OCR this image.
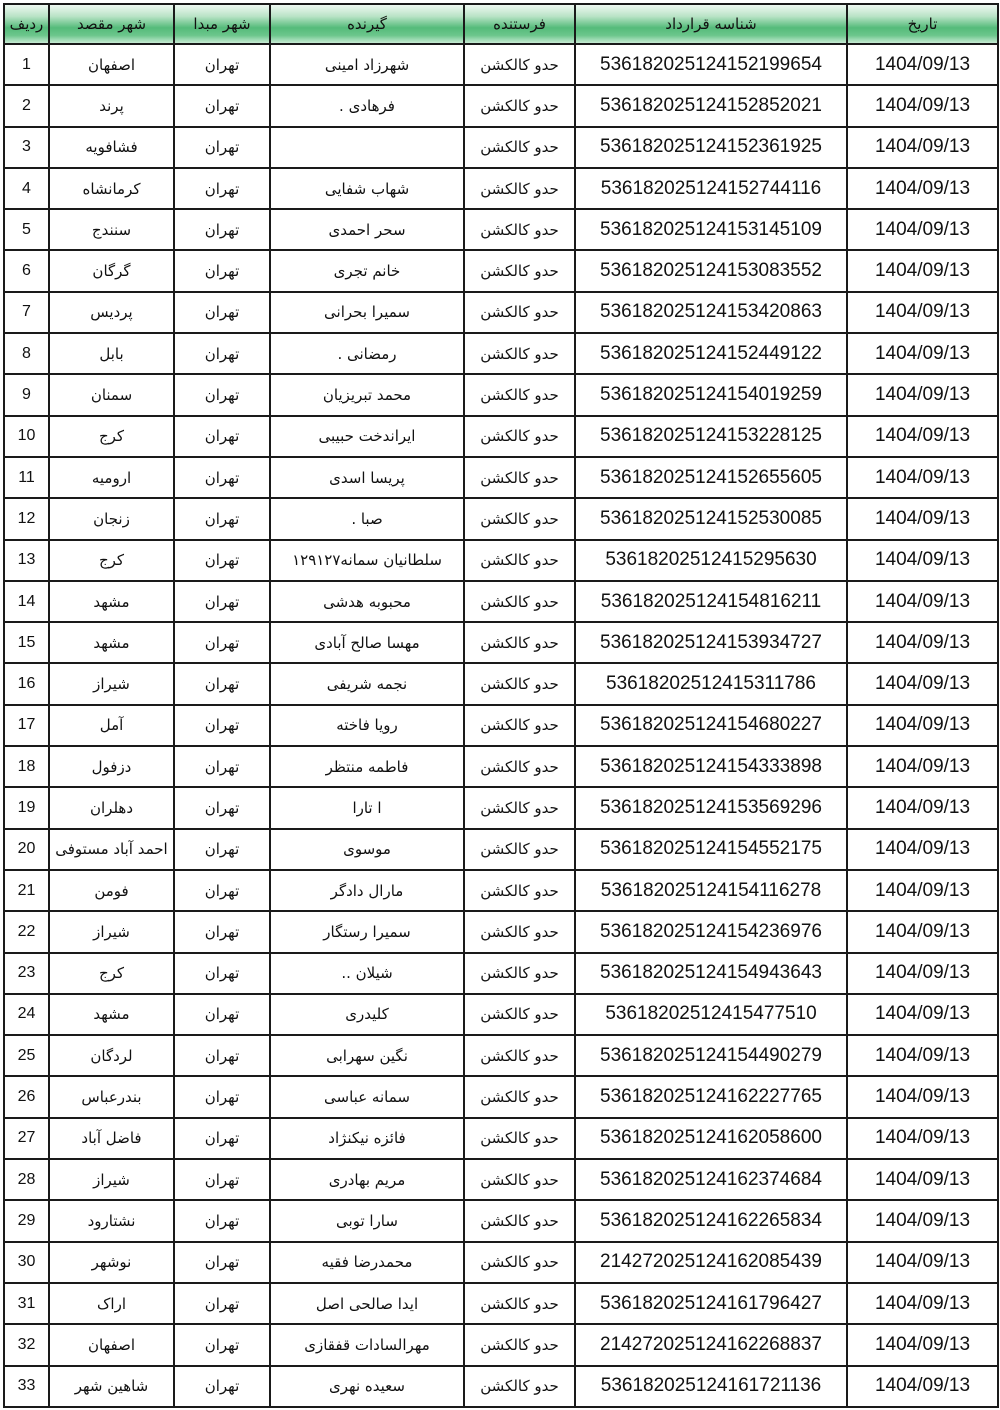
تاریخ	شناسه قرارداد	فرستنده	گیرنده	شهر مبدا	شهر مقصد	ردیف
1404/09/13	536182025124152199654	حدو کالکشن	شهرزاد امینی	تهران	اصفهان	1
1404/09/13	536182025124152852021	حدو کالکشن	فرهادی .	تهران	پرند	2
1404/09/13	536182025124152361925	حدو کالکشن		تهران	فشافویه	3
1404/09/13	536182025124152744116	حدو کالکشن	شهاب شفایی	تهران	کرمانشاه	4
1404/09/13	536182025124153145109	حدو کالکشن	سحر احمدی	تهران	سنندج	5
1404/09/13	536182025124153083552	حدو کالکشن	خانم تجری	تهران	گرگان	6
1404/09/13	536182025124153420863	حدو کالکشن	سمیرا بحرانی	تهران	پردیس	7
1404/09/13	536182025124152449122	حدو کالکشن	رمضانی .	تهران	بابل	8
1404/09/13	536182025124154019259	حدو کالکشن	محمد تبریزیان	تهران	سمنان	9
1404/09/13	536182025124153228125	حدو کالکشن	ایراندخت حبیبی	تهران	کرج	10
1404/09/13	536182025124152655605	حدو کالکشن	پریسا اسدی	تهران	ارومیه	11
1404/09/13	536182025124152530085	حدو کالکشن	صبا .	تهران	زنجان	12
1404/09/13	53618202512415295630	حدو کالکشن	سلطانیان سمانه۱۲۹۱۲۷	تهران	کرج	13
1404/09/13	536182025124154816211	حدو کالکشن	محبوبه هدشی	تهران	مشهد	14
1404/09/13	536182025124153934727	حدو کالکشن	مهسا صالح آبادی	تهران	مشهد	15
1404/09/13	53618202512415311786	حدو کالکشن	نجمه شریفی	تهران	شیراز	16
1404/09/13	536182025124154680227	حدو کالکشن	رویا فاخته	تهران	آمل	17
1404/09/13	536182025124154333898	حدو کالکشن	فاطمه منتظر	تهران	دزفول	18
1404/09/13	536182025124153569296	حدو کالکشن	ا تارا	تهران	دهلران	19
1404/09/13	536182025124154552175	حدو کالکشن	موسوی	تهران	احمد آباد مستوفی	20
1404/09/13	536182025124154116278	حدو کالکشن	مارال دادگر	تهران	فومن	21
1404/09/13	536182025124154236976	حدو کالکشن	سمیرا رستگار	تهران	شیراز	22
1404/09/13	536182025124154943643	حدو کالکشن	شیلان ..	تهران	کرج	23
1404/09/13	53618202512415477510	حدو کالکشن	کلیدری	تهران	مشهد	24
1404/09/13	536182025124154490279	حدو کالکشن	نگین سهرابی	تهران	لردگان	25
1404/09/13	536182025124162227765	حدو کالکشن	سمانه عباسی	تهران	بندرعباس	26
1404/09/13	536182025124162058600	حدو کالکشن	فائزه نیکنژاد	تهران	فاضل آباد	27
1404/09/13	536182025124162374684	حدو کالکشن	مریم بهادری	تهران	شیراز	28
1404/09/13	536182025124162265834	حدو کالکشن	سارا توبی	تهران	نشتارود	29
1404/09/13	214272025124162085439	حدو کالکشن	محمدرضا فقیه	تهران	نوشهر	30
1404/09/13	536182025124161796427	حدو کالکشن	ایدا صالحی اصل	تهران	اراک	31
1404/09/13	214272025124162268837	حدو کالکشن	مهرالسادات قفقازی	تهران	اصفهان	32
1404/09/13	536182025124161721136	حدو کالکشن	سعیده نهری	تهران	شاهین شهر	33
